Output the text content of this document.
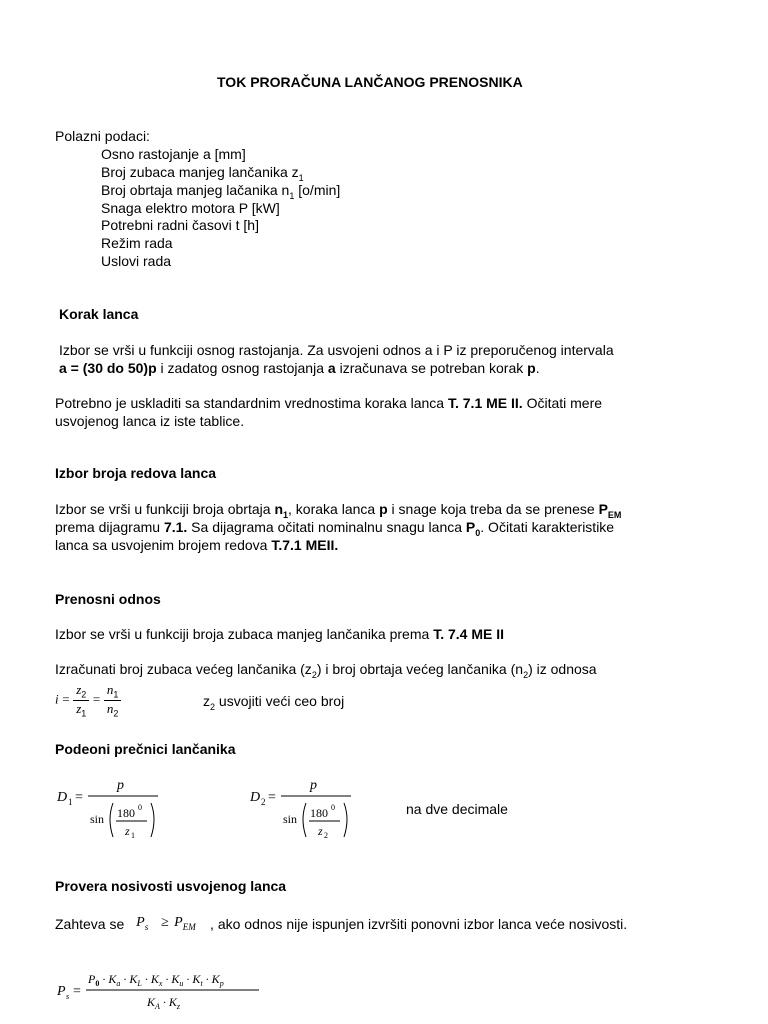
TOK PRORAČUNA LANČANOG PRENOSNIKA
Polazni podaci:
Osno rastojanje a [mm]
Broj zubaca manjeg lančanika $z_1$
Broj obrtaja manjeg lačanika $n_1$ [o/min]
Snaga elektro motora P [kW]
Potrebni radni časovi t [h]
Režim rada
Uslovi rada
Korak lanca
Izbor se vrši u funkciji osnog rastojanja. Za usvojeni odnos a i P iz preporučenog intervala
a = (30 do 50)p i zadatog osnog rastojanja a izračunava se potreban korak p.
Potrebno je uskladiti sa standardnim vrednostima koraka lanca T. 7.1 ME II. Očitati mere
usvojenog lanca iz iste tablice.
Izbor broja redova lanca
Izbor se vrši u funkciji broja obrtaja $n_1$, koraka lanca p i snage koja treba da se prenese $P_{EM}$
prema dijagramu 7.1. Sa dijagrama očitati nominalnu snagu lanca $P_0$. Očitati karakteristike
lanca sa usvojenim brojem redova T.7.1 MEII.
Prenosni odnos
Izbor se vrši u funkciji broja zubaca manjeg lančanika prema T. 7.4 ME II
Izračunati broj zubaca većeg lančanika $(z_2)$ i broj obrtaja većeg lančanika $(n_2)$ iz odnosa
$i = \frac{z_2}{z_1} = \frac{n_1}{n_2}$	$z_2$ usvojiti veći ceo broj
Podeoni prečnici lančanika
D 1 =
p
sin 180 0
z 1
D 2 =
p
sin 180 0
z 2
na dve decimale
Provera nosivosti usvojenog lanca
Zahteva se $P_s \ge P_{EM}$ , ako odnos nije ispunjen izvršiti ponovni izbor lanca veće nosivosti.
P s =
$P_0 \cdot K_a \cdot K_L \cdot K_x \cdot K_u \cdot K_t \cdot K_p$
$K_A \cdot K_z$
